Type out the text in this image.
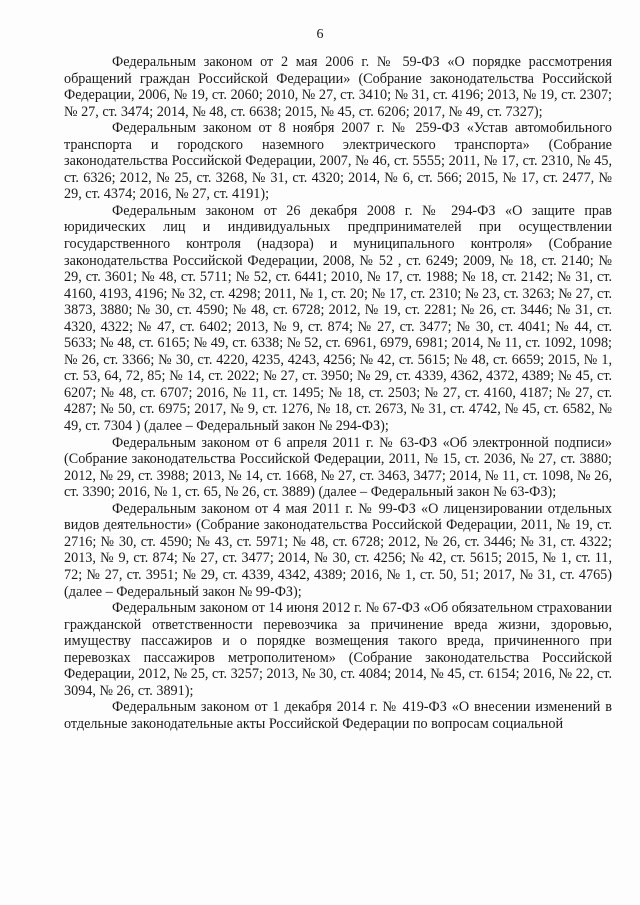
6

Федеральным законом от 2 мая 2006 г. № 59-ФЗ «О порядке рассмотрения обращений граждан Российской Федерации» (Собрание законодательства Российской Федерации, 2006, № 19, ст. 2060; 2010, № 27, ст. 3410; № 31, ст. 4196; 2013, № 19, ст. 2307; № 27, ст. 3474; 2014, № 48, ст. 6638; 2015, № 45, ст. 6206; 2017, № 49, ст. 7327);

Федеральным законом от 8 ноября 2007 г. № 259-ФЗ «Устав автомобильного транспорта и городского наземного электрического транспорта» (Собрание законодательства Российской Федерации, 2007, № 46, ст. 5555; 2011, № 17, ст. 2310, № 45, ст. 6326; 2012, № 25, ст. 3268, № 31, ст. 4320; 2014, № 6, ст. 566; 2015, № 17, ст. 2477, № 29, ст. 4374; 2016, № 27, ст. 4191);

Федеральным законом от 26 декабря 2008 г. № 294-ФЗ «О защите прав юридических лиц и индивидуальных предпринимателей при осуществлении государственного контроля (надзора) и муниципального контроля» (Собрание законодательства Российской Федерации, 2008, № 52 , ст. 6249; 2009, № 18, ст. 2140; № 29, ст. 3601; № 48, ст. 5711; № 52, ст. 6441; 2010, № 17, ст. 1988; № 18, ст. 2142; № 31, ст. 4160, 4193, 4196; № 32, ст. 4298; 2011, № 1, ст. 20; № 17, ст. 2310; № 23, ст. 3263; № 27, ст. 3873, 3880; № 30, ст. 4590; № 48, ст. 6728; 2012, № 19, ст. 2281; № 26, ст. 3446; № 31, ст. 4320, 4322; № 47, ст. 6402; 2013, № 9, ст. 874; № 27, ст. 3477; № 30, ст. 4041; № 44, ст. 5633; № 48, ст. 6165; № 49, ст. 6338; № 52, ст. 6961, 6979, 6981; 2014, № 11, ст. 1092, 1098; № 26, ст. 3366; № 30, ст. 4220, 4235, 4243, 4256; № 42, ст. 5615; № 48, ст. 6659; 2015, № 1, ст. 53, 64, 72, 85; № 14, ст. 2022; № 27, ст. 3950; № 29, ст. 4339, 4362, 4372, 4389; № 45, ст. 6207; № 48, ст. 6707; 2016, № 11, ст. 1495; № 18, ст. 2503; № 27, ст. 4160, 4187; № 27, ст. 4287; № 50, ст. 6975; 2017, № 9, ст. 1276, № 18, ст. 2673, № 31, ст. 4742, № 45, ст. 6582, № 49, ст. 7304 ) (далее – Федеральный закон № 294-ФЗ);

Федеральным законом от 6 апреля 2011 г. № 63-ФЗ «Об электронной подписи» (Собрание законодательства Российской Федерации, 2011, № 15, ст. 2036, № 27, ст. 3880; 2012, № 29, ст. 3988; 2013, № 14, ст. 1668, № 27, ст. 3463, 3477; 2014, № 11, ст. 1098, № 26, ст. 3390; 2016, № 1, ст. 65, № 26, ст. 3889) (далее – Федеральный закон № 63-ФЗ);

Федеральным законом от 4 мая 2011 г. № 99-ФЗ «О лицензировании отдельных видов деятельности» (Собрание законодательства Российской Федерации, 2011, № 19, ст. 2716; № 30, ст. 4590; № 43, ст. 5971; № 48, ст. 6728; 2012, № 26, ст. 3446; № 31, ст. 4322; 2013, № 9, ст. 874; № 27, ст. 3477; 2014, № 30, ст. 4256; № 42, ст. 5615; 2015, № 1, ст. 11, 72; № 27, ст. 3951; № 29, ст. 4339, 4342, 4389; 2016, № 1, ст. 50, 51; 2017, № 31, ст. 4765) (далее – Федеральный закон № 99-ФЗ);

Федеральным законом от 14 июня 2012 г. № 67-ФЗ «Об обязательном страховании гражданской ответственности перевозчика за причинение вреда жизни, здоровью, имуществу пассажиров и о порядке возмещения такого вреда, причиненного при перевозках пассажиров метрополитеном» (Собрание законодательства Российской Федерации, 2012, № 25, ст. 3257; 2013, № 30, ст. 4084; 2014, № 45, ст. 6154; 2016, № 22, ст. 3094, № 26, ст. 3891);

Федеральным законом от 1 декабря 2014 г. № 419-ФЗ «О внесении изменений в отдельные законодательные акты Российской Федерации по вопросам социальной
